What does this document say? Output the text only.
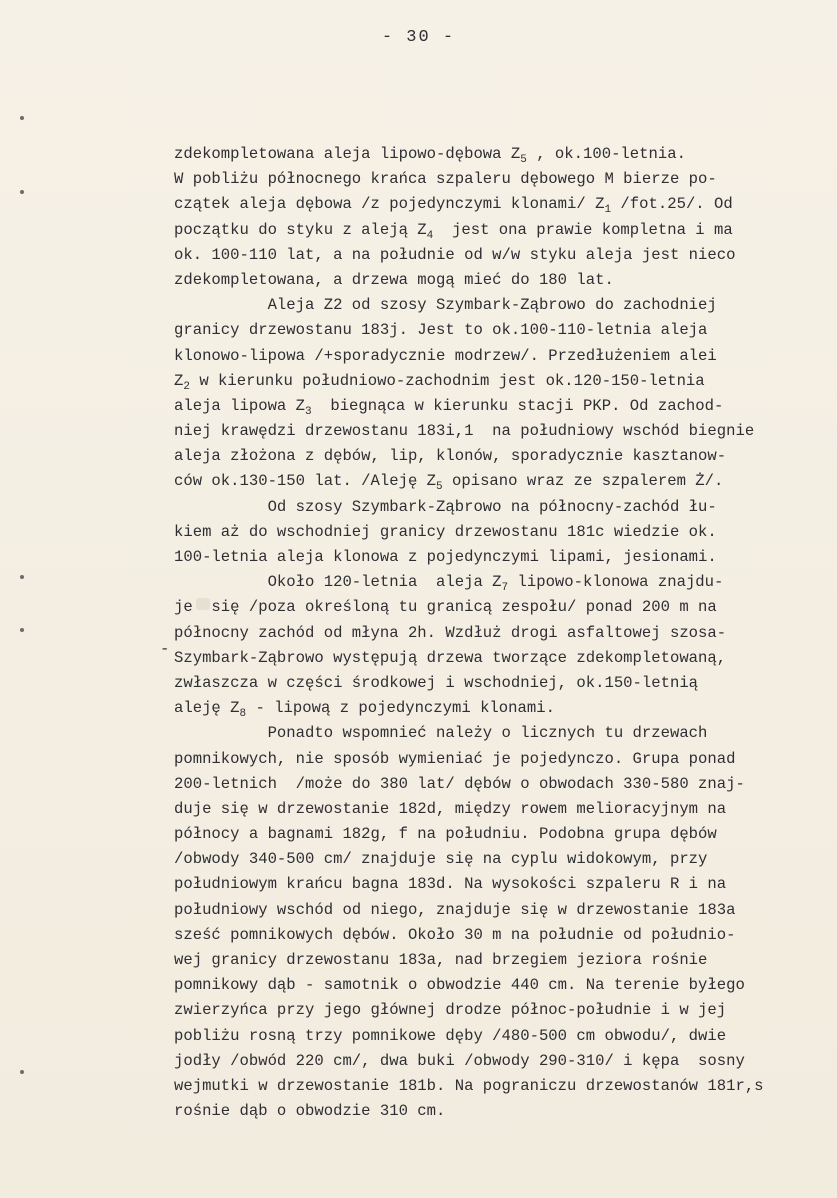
- 30 -
-
zdekompletowana aleja lipowo-dębowa $Z_5$ , ok.100-letnia.
W pobliżu północnego krańca szpaleru dębowego M bierze po-
czątek aleja dębowa /z pojedynczymi klonami/ $Z_1$ /fot.25/. Od
początku do styku z aleją $Z_4$  jest ona prawie kompletna i ma
ok. 100-110 lat, a na południe od w/w styku aleja jest nieco
zdekompletowana, a drzewa mogą mieć do 180 lat.
Aleja Z2 od szosy Szymbark-Ząbrowo do zachodniej
granicy drzewostanu 183j. Jest to ok.100-110-letnia aleja
klonowo-lipowa /+sporadycznie modrzew/. Przedłużeniem alei
$Z_2$ w kierunku południowo-zachodnim jest ok.120-150-letnia
aleja lipowa $Z_3$  biegnąca w kierunku stacji PKP. Od zachod-
niej krawędzi drzewostanu 183i,1  na południowy wschód biegnie
aleja złożona z dębów, lip, klonów, sporadycznie kasztanow-
ców ok.130-150 lat. /Aleję $Z_5$ opisano wraz ze szpalerem Ż/.
Od szosy Szymbark-Ząbrowo na północny-zachód łu-
kiem aż do wschodniej granicy drzewostanu 181c wiedzie ok.
100-letnia aleja klonowa z pojedynczymi lipami, jesionami.
Około 120-letnia  aleja $Z_7$ lipowo-klonowa znajdu-
je  się /poza określoną tu granicą zespołu/ ponad 200 m na
północny zachód od młyna 2h. Wzdłuż drogi asfaltowej szosa-
Szymbark-Ząbrowo występują drzewa tworzące zdekompletowaną,
zwłaszcza w części środkowej i wschodniej, ok.150-letnią
aleję $Z_8$ - lipową z pojedynczymi klonami.
Ponadto wspomnieć należy o licznych tu drzewach
pomnikowych, nie sposób wymieniać je pojedynczo. Grupa ponad
200-letnich  /może do 380 lat/ dębów o obwodach 330-580 znaj-
duje się w drzewostanie 182d, między rowem melioracyjnym na
północy a bagnami 182g, f na południu. Podobna grupa dębów
/obwody 340-500 cm/ znajduje się na cyplu widokowym, przy
południowym krańcu bagna 183d. Na wysokości szpaleru R i na
południowy wschód od niego, znajduje się w drzewostanie 183a
sześć pomnikowych dębów. Około 30 m na południe od południo-
wej granicy drzewostanu 183a, nad brzegiem jeziora rośnie
pomnikowy dąb - samotnik o obwodzie 440 cm. Na terenie byłego
zwierzyńca przy jego głównej drodze północ-południe i w jej
pobliżu rosną trzy pomnikowe dęby /480-500 cm obwodu/, dwie
jodły /obwód 220 cm/, dwa buki /obwody 290-310/ i kępa  sosny
wejmutki w drzewostanie 181b. Na pograniczu drzewostanów 181r,s
rośnie dąb o obwodzie 310 cm.
